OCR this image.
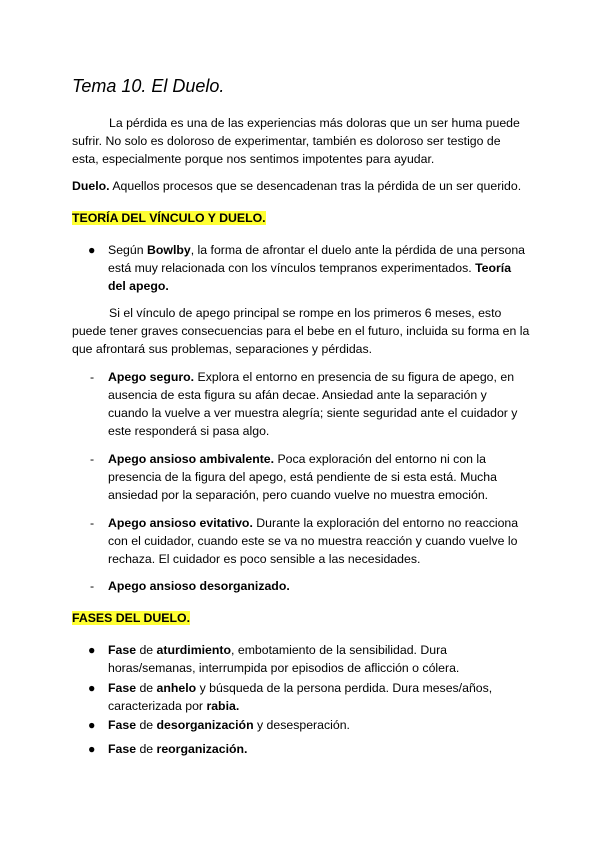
Tema 10. El Duelo.

La pérdida es una de las experiencias más doloras que un ser huma puede sufrir. No solo es doloroso de experimentar, también es doloroso ser testigo de esta, especialmente porque nos sentimos impotentes para ayudar.

Duelo. Aquellos procesos que se desencadenan tras la pérdida de un ser querido.

TEORÍA DEL VÍNCULO Y DUELO.

● Según Bowlby, la forma de afrontar el duelo ante la pérdida de una persona está muy relacionada con los vínculos tempranos experimentados. Teoría del apego.

Si el vínculo de apego principal se rompe en los primeros 6 meses, esto puede tener graves consecuencias para el bebe en el futuro, incluida su forma en la que afrontará sus problemas, separaciones y pérdidas.

- Apego seguro. Explora el entorno en presencia de su figura de apego, en ausencia de esta figura su afán decae. Ansiedad ante la separación y cuando la vuelve a ver muestra alegría; siente seguridad ante el cuidador y este responderá si pasa algo.
- Apego ansioso ambivalente. Poca exploración del entorno ni con la presencia de la figura del apego, está pendiente de si esta está. Mucha ansiedad por la separación, pero cuando vuelve no muestra emoción.
- Apego ansioso evitativo. Durante la exploración del entorno no reacciona con el cuidador, cuando este se va no muestra reacción y cuando vuelve lo rechaza. El cuidador es poco sensible a las necesidades.
- Apego ansioso desorganizado.

FASES DEL DUELO.

● Fase de aturdimiento, embotamiento de la sensibilidad. Dura horas/semanas, interrumpida por episodios de aflicción o cólera.
● Fase de anhelo y búsqueda de la persona perdida. Dura meses/años, caracterizada por rabia.
● Fase de desorganización y desesperación.
● Fase de reorganización.
